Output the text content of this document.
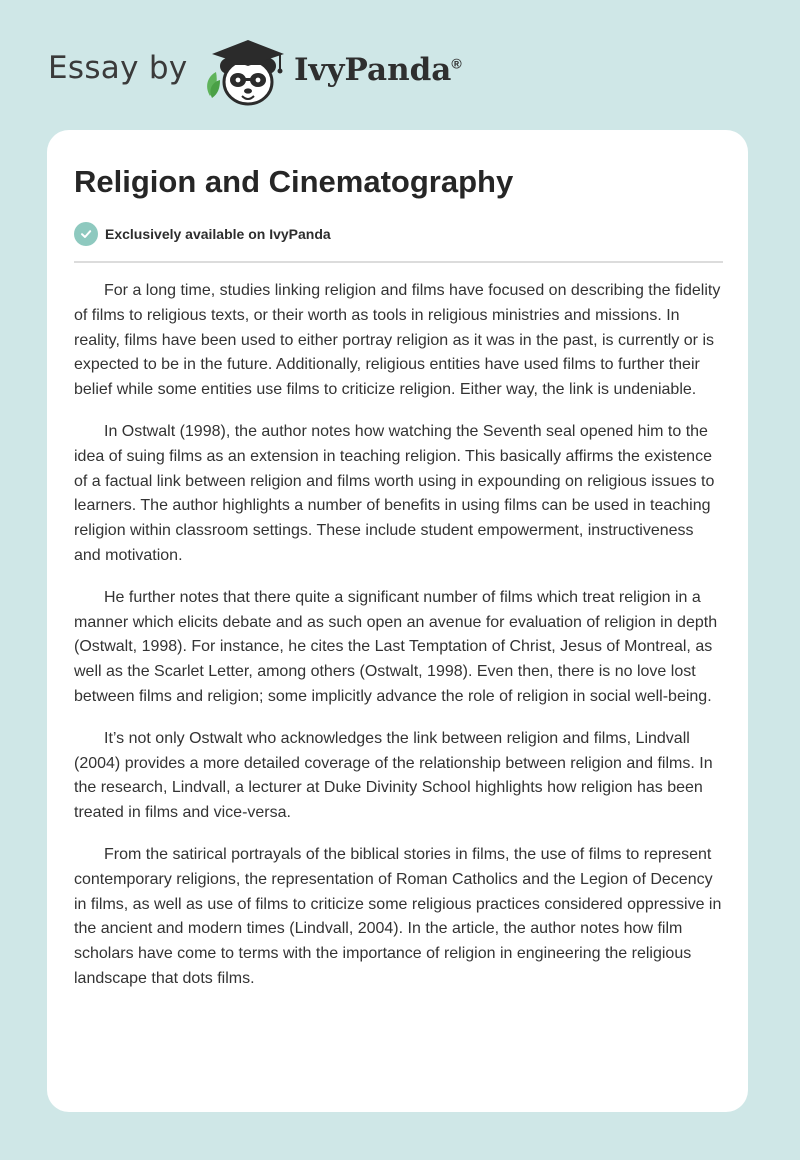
Essay by	IvyPanda®
Religion and Cinematography
Exclusively available on IvyPanda

For a long time, studies linking religion and films have focused on describing the fidelity of films to religious texts, or their worth as tools in religious ministries and missions. In reality, films have been used to either portray religion as it was in the past, is currently or is expected to be in the future. Additionally, religious entities have used films to further their belief while some entities use films to criticize religion. Either way, the link is undeniable.

In Ostwalt (1998), the author notes how watching the Seventh seal opened him to the idea of suing films as an extension in teaching religion. This basically affirms the existence of a factual link between religion and films worth using in expounding on religious issues to learners. The author highlights a number of benefits in using films can be used in teaching religion within classroom settings. These include student empowerment, instructiveness and motivation.

He further notes that there quite a significant number of films which treat religion in a manner which elicits debate and as such open an avenue for evaluation of religion in depth (Ostwalt, 1998). For instance, he cites the Last Temptation of Christ, Jesus of Montreal, as well as the Scarlet Letter, among others (Ostwalt, 1998). Even then, there is no love lost between films and religion; some implicitly advance the role of religion in social well-being.

It’s not only Ostwalt who acknowledges the link between religion and films, Lindvall (2004) provides a more detailed coverage of the relationship between religion and films. In the research, Lindvall, a lecturer at Duke Divinity School highlights how religion has been treated in films and vice-versa.

From the satirical portrayals of the biblical stories in films, the use of films to represent contemporary religions, the representation of Roman Catholics and the Legion of Decency in films, as well as use of films to criticize some religious practices considered oppressive in the ancient and modern times (Lindvall, 2004). In the article, the author notes how film scholars have come to terms with the importance of religion in engineering the religious landscape that dots films.
